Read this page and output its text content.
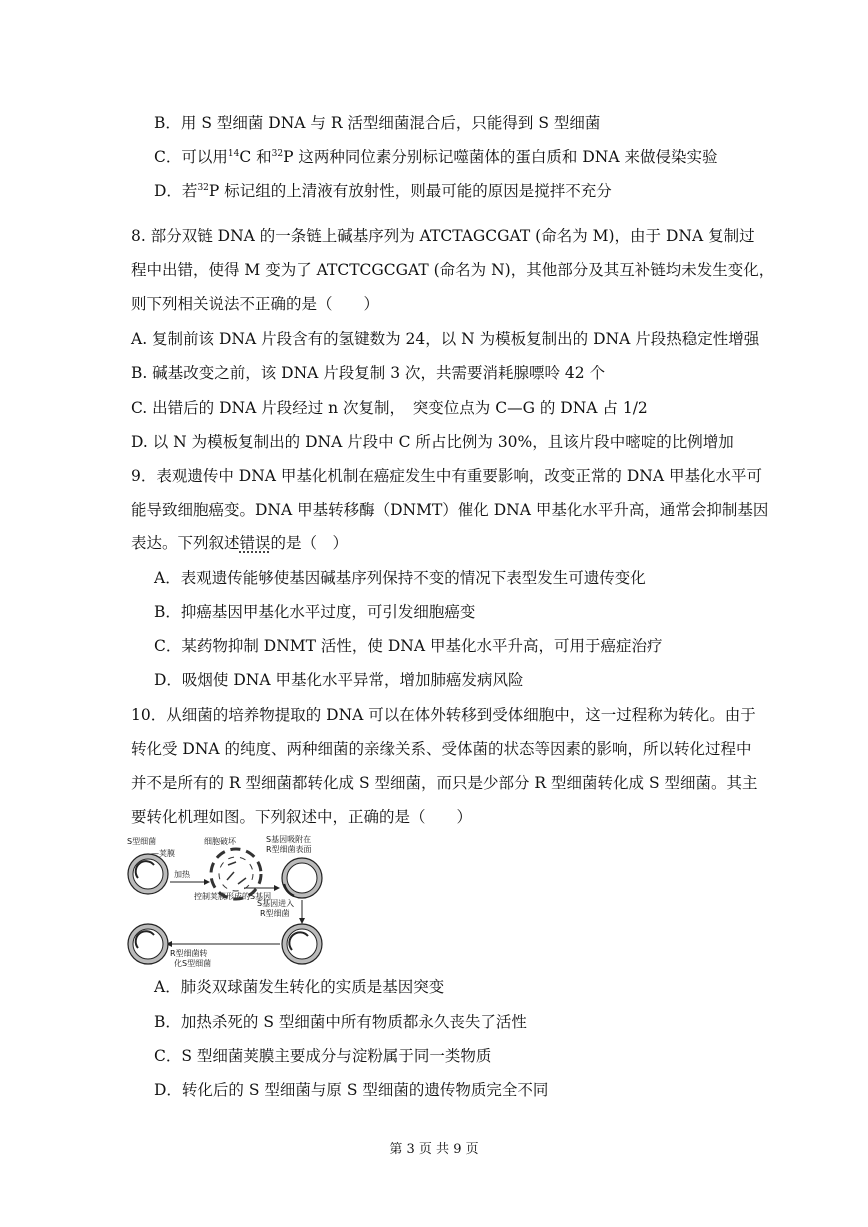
B．用 S 型细菌 DNA 与 R 活型细菌混合后，只能得到 S 型细菌
C．可以用$^{14}$C 和$^{32}$P 这两种同位素分别标记噬菌体的蛋白质和 DNA 来做侵染实验
D．若$^{32}$P 标记组的上清液有放射性，则最可能的原因是搅拌不充分
8. 部分双链 DNA 的一条链上碱基序列为 ATCTAGCGAT (命名为 M)，由于 DNA 复制过
程中出错，使得 M 变为了 ATCTCGCGAT (命名为 N)，其他部分及其互补链均未发生变化，
则下列相关说法不正确的是（　　）
A. 复制前该 DNA 片段含有的氢键数为 24，以 N 为模板复制出的 DNA 片段热稳定性增强
B. 碱基改变之前，该 DNA 片段复制 3 次，共需要消耗腺嘌呤 42 个
C. 出错后的 DNA 片段经过 n 次复制，　突变位点为 C—G 的 DNA 占 1/2
D. 以 N 为模板复制出的 DNA 片段中 C 所占比例为 30%，且该片段中嘧啶的比例增加
9．表观遗传中 DNA 甲基化机制在癌症发生中有重要影响，改变正常的 DNA 甲基化水平可
能导致细胞癌变。DNA 甲基转移酶（DNMT）催化 DNA 甲基化水平升高，通常会抑制基因
表达。下列叙述错误的是（　）
A．表观遗传能够使基因碱基序列保持不变的情况下表型发生可遗传变化
B．抑癌基因甲基化水平过度，可引发细胞癌变
C．某药物抑制 DNMT 活性，使 DNA 甲基化水平升高，可用于癌症治疗
D．吸烟使 DNA 甲基化水平异常，增加肺癌发病风险
10．从细菌的培养物提取的 DNA 可以在体外转移到受体细胞中，这一过程称为转化。由于
转化受 DNA 的纯度、两种细菌的亲缘关系、受体菌的状态等因素的影响，所以转化过程中
并不是所有的 R 型细菌都转化成 S 型细菌，而只是少部分 R 型细菌转化成 S 型细菌。其主
要转化机理如图。下列叙述中，正确的是（　　）
S型细菌
—荚膜
加热
控制荚膜形成的S基因
细胞破坏	S基因吸附在
R型细菌表面
S基因进入
R型细菌
R型细菌转
化S型细菌
A．肺炎双球菌发生转化的实质是基因突变
B．加热杀死的 S 型细菌中所有物质都永久丧失了活性
C．S 型细菌荚膜主要成分与淀粉属于同一类物质
D．转化后的 S 型细菌与原 S 型细菌的遗传物质完全不同
第 3 页 共 9 页
